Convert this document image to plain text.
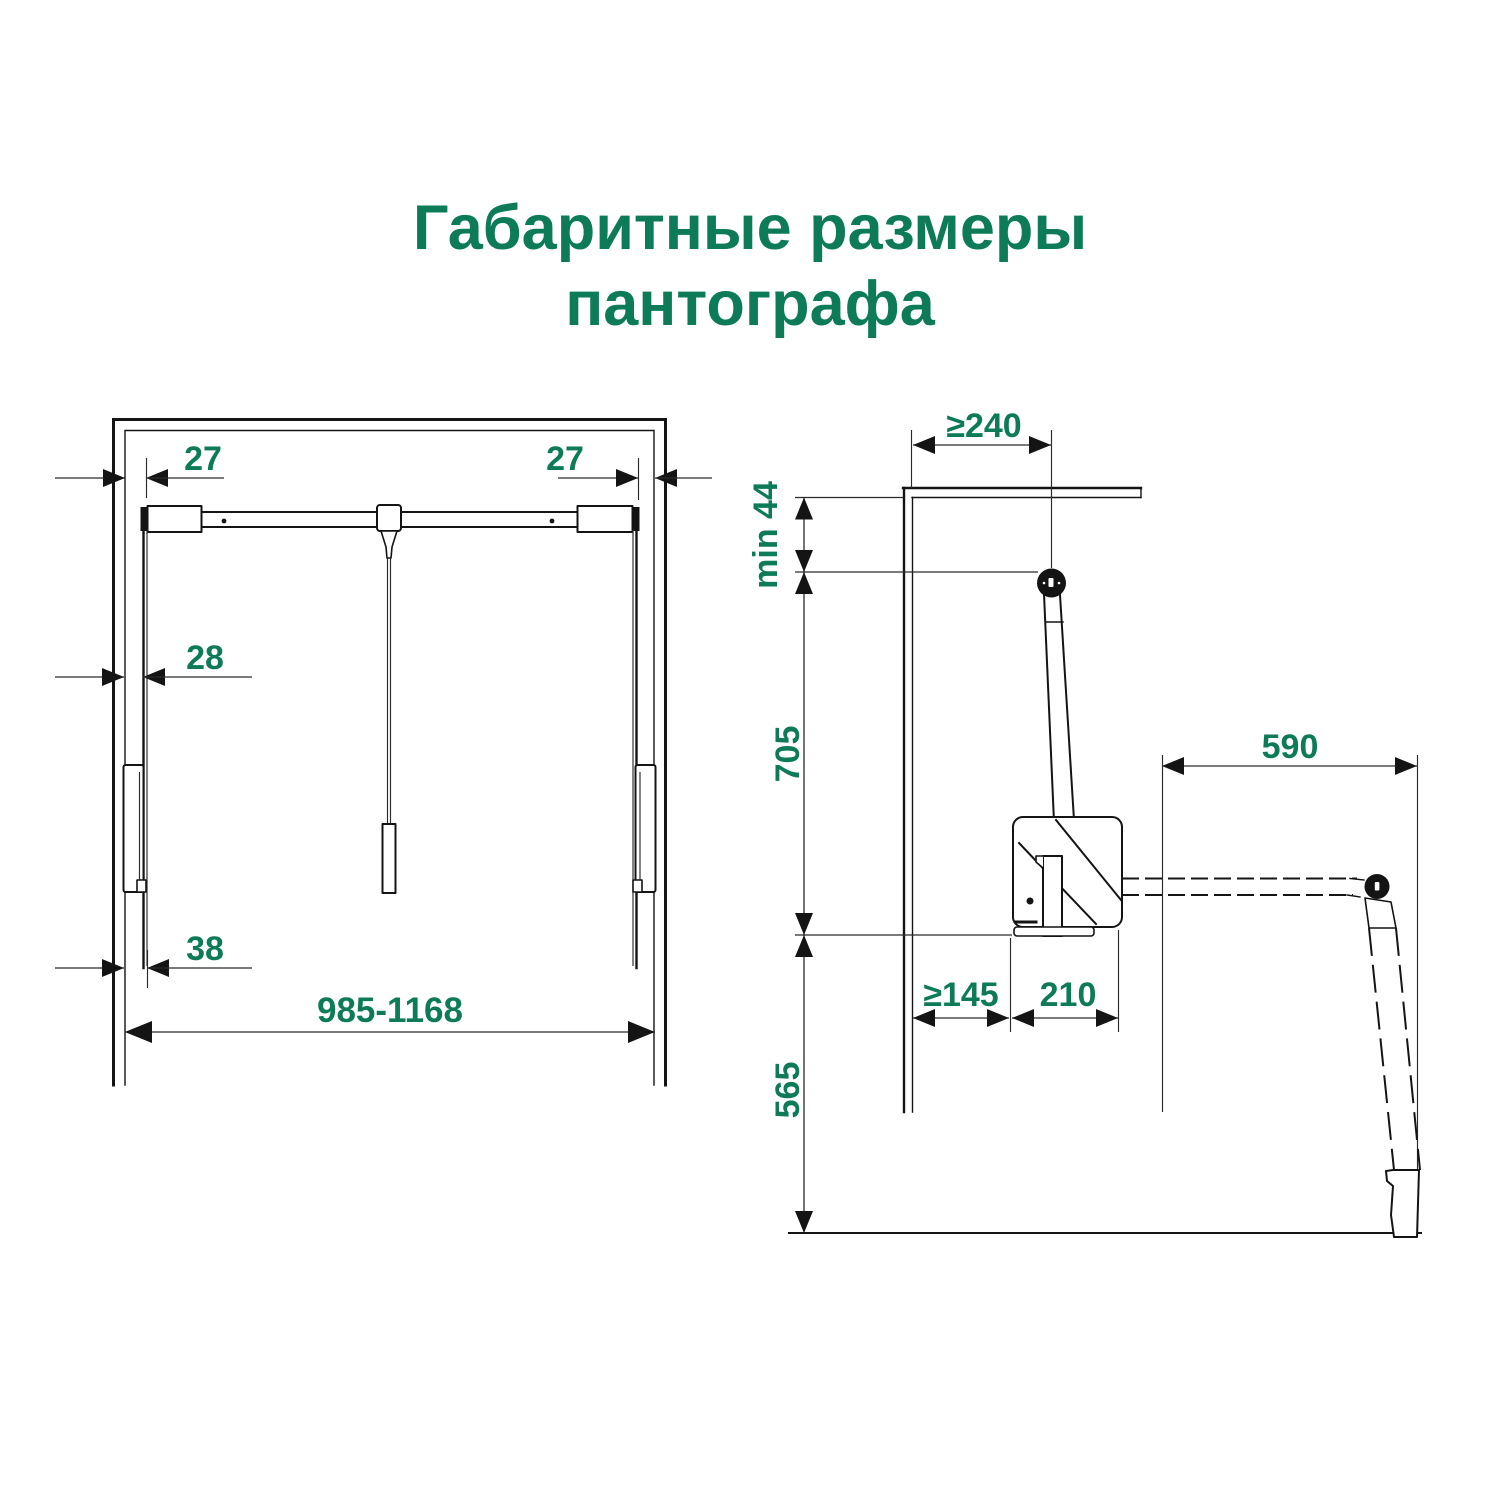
Габаритные размеры
пантографа
27	27
28
38
985-1168
≥240
min 44
705
565
590
≥145 210
